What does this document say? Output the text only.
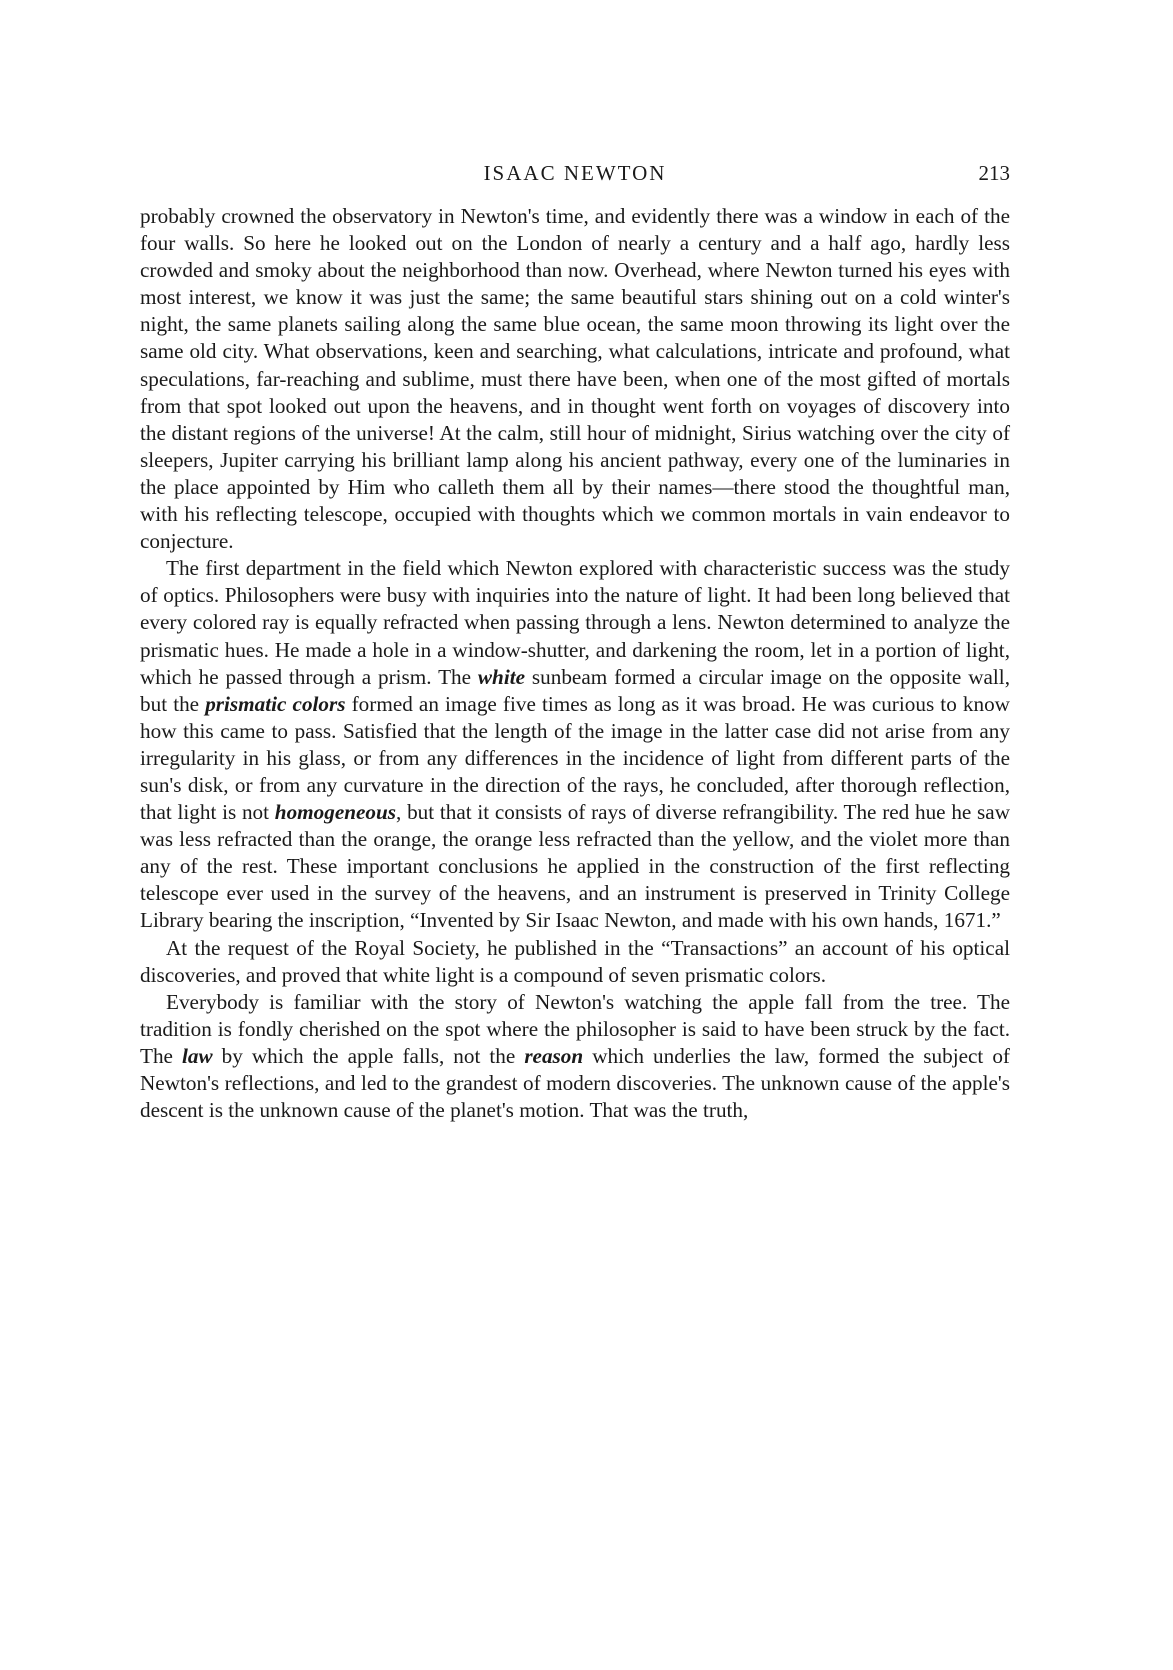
ISAAC NEWTON	213

probably crowned the observatory in Newton's time, and evidently there was a window in each of the four walls. So here he looked out on the London of nearly a century and a half ago, hardly less crowded and smoky about the neighborhood than now. Overhead, where Newton turned his eyes with most interest, we know it was just the same; the same beautiful stars shining out on a cold winter's night, the same planets sailing along the same blue ocean, the same moon throwing its light over the same old city. What observations, keen and searching, what calculations, intricate and profound, what speculations, far-reaching and sublime, must there have been, when one of the most gifted of mortals from that spot looked out upon the heavens, and in thought went forth on voyages of discovery into the distant regions of the universe! At the calm, still hour of midnight, Sirius watching over the city of sleepers, Jupiter carrying his brilliant lamp along his ancient pathway, every one of the luminaries in the place appointed by Him who calleth them all by their names—there stood the thoughtful man, with his reflecting telescope, occupied with thoughts which we common mortals in vain endeavor to conjecture.

The first department in the field which Newton explored with characteristic success was the study of optics. Philosophers were busy with inquiries into the nature of light. It had been long believed that every colored ray is equally refracted when passing through a lens. Newton determined to analyze the prismatic hues. He made a hole in a window-shutter, and darkening the room, let in a portion of light, which he passed through a prism. The white sunbeam formed a circular image on the opposite wall, but the prismatic colors formed an image five times as long as it was broad. He was curious to know how this came to pass. Satisfied that the length of the image in the latter case did not arise from any irregularity in his glass, or from any differences in the incidence of light from different parts of the sun's disk, or from any curvature in the direction of the rays, he concluded, after thorough reflection, that light is not homogeneous, but that it consists of rays of diverse refrangibility. The red hue he saw was less refracted than the orange, the orange less refracted than the yellow, and the violet more than any of the rest. These important conclusions he applied in the construction of the first reflecting telescope ever used in the survey of the heavens, and an instrument is preserved in Trinity College Library bearing the inscription, “Invented by Sir Isaac Newton, and made with his own hands, 1671.”

At the request of the Royal Society, he published in the “Transactions” an account of his optical discoveries, and proved that white light is a compound of seven prismatic colors.

Everybody is familiar with the story of Newton's watching the apple fall from the tree. The tradition is fondly cherished on the spot where the philosopher is said to have been struck by the fact. The law by which the apple falls, not the reason which underlies the law, formed the subject of Newton's reflections, and led to the grandest of modern discoveries. The unknown cause of the apple's descent is the unknown cause of the planet's motion. That was the truth,
